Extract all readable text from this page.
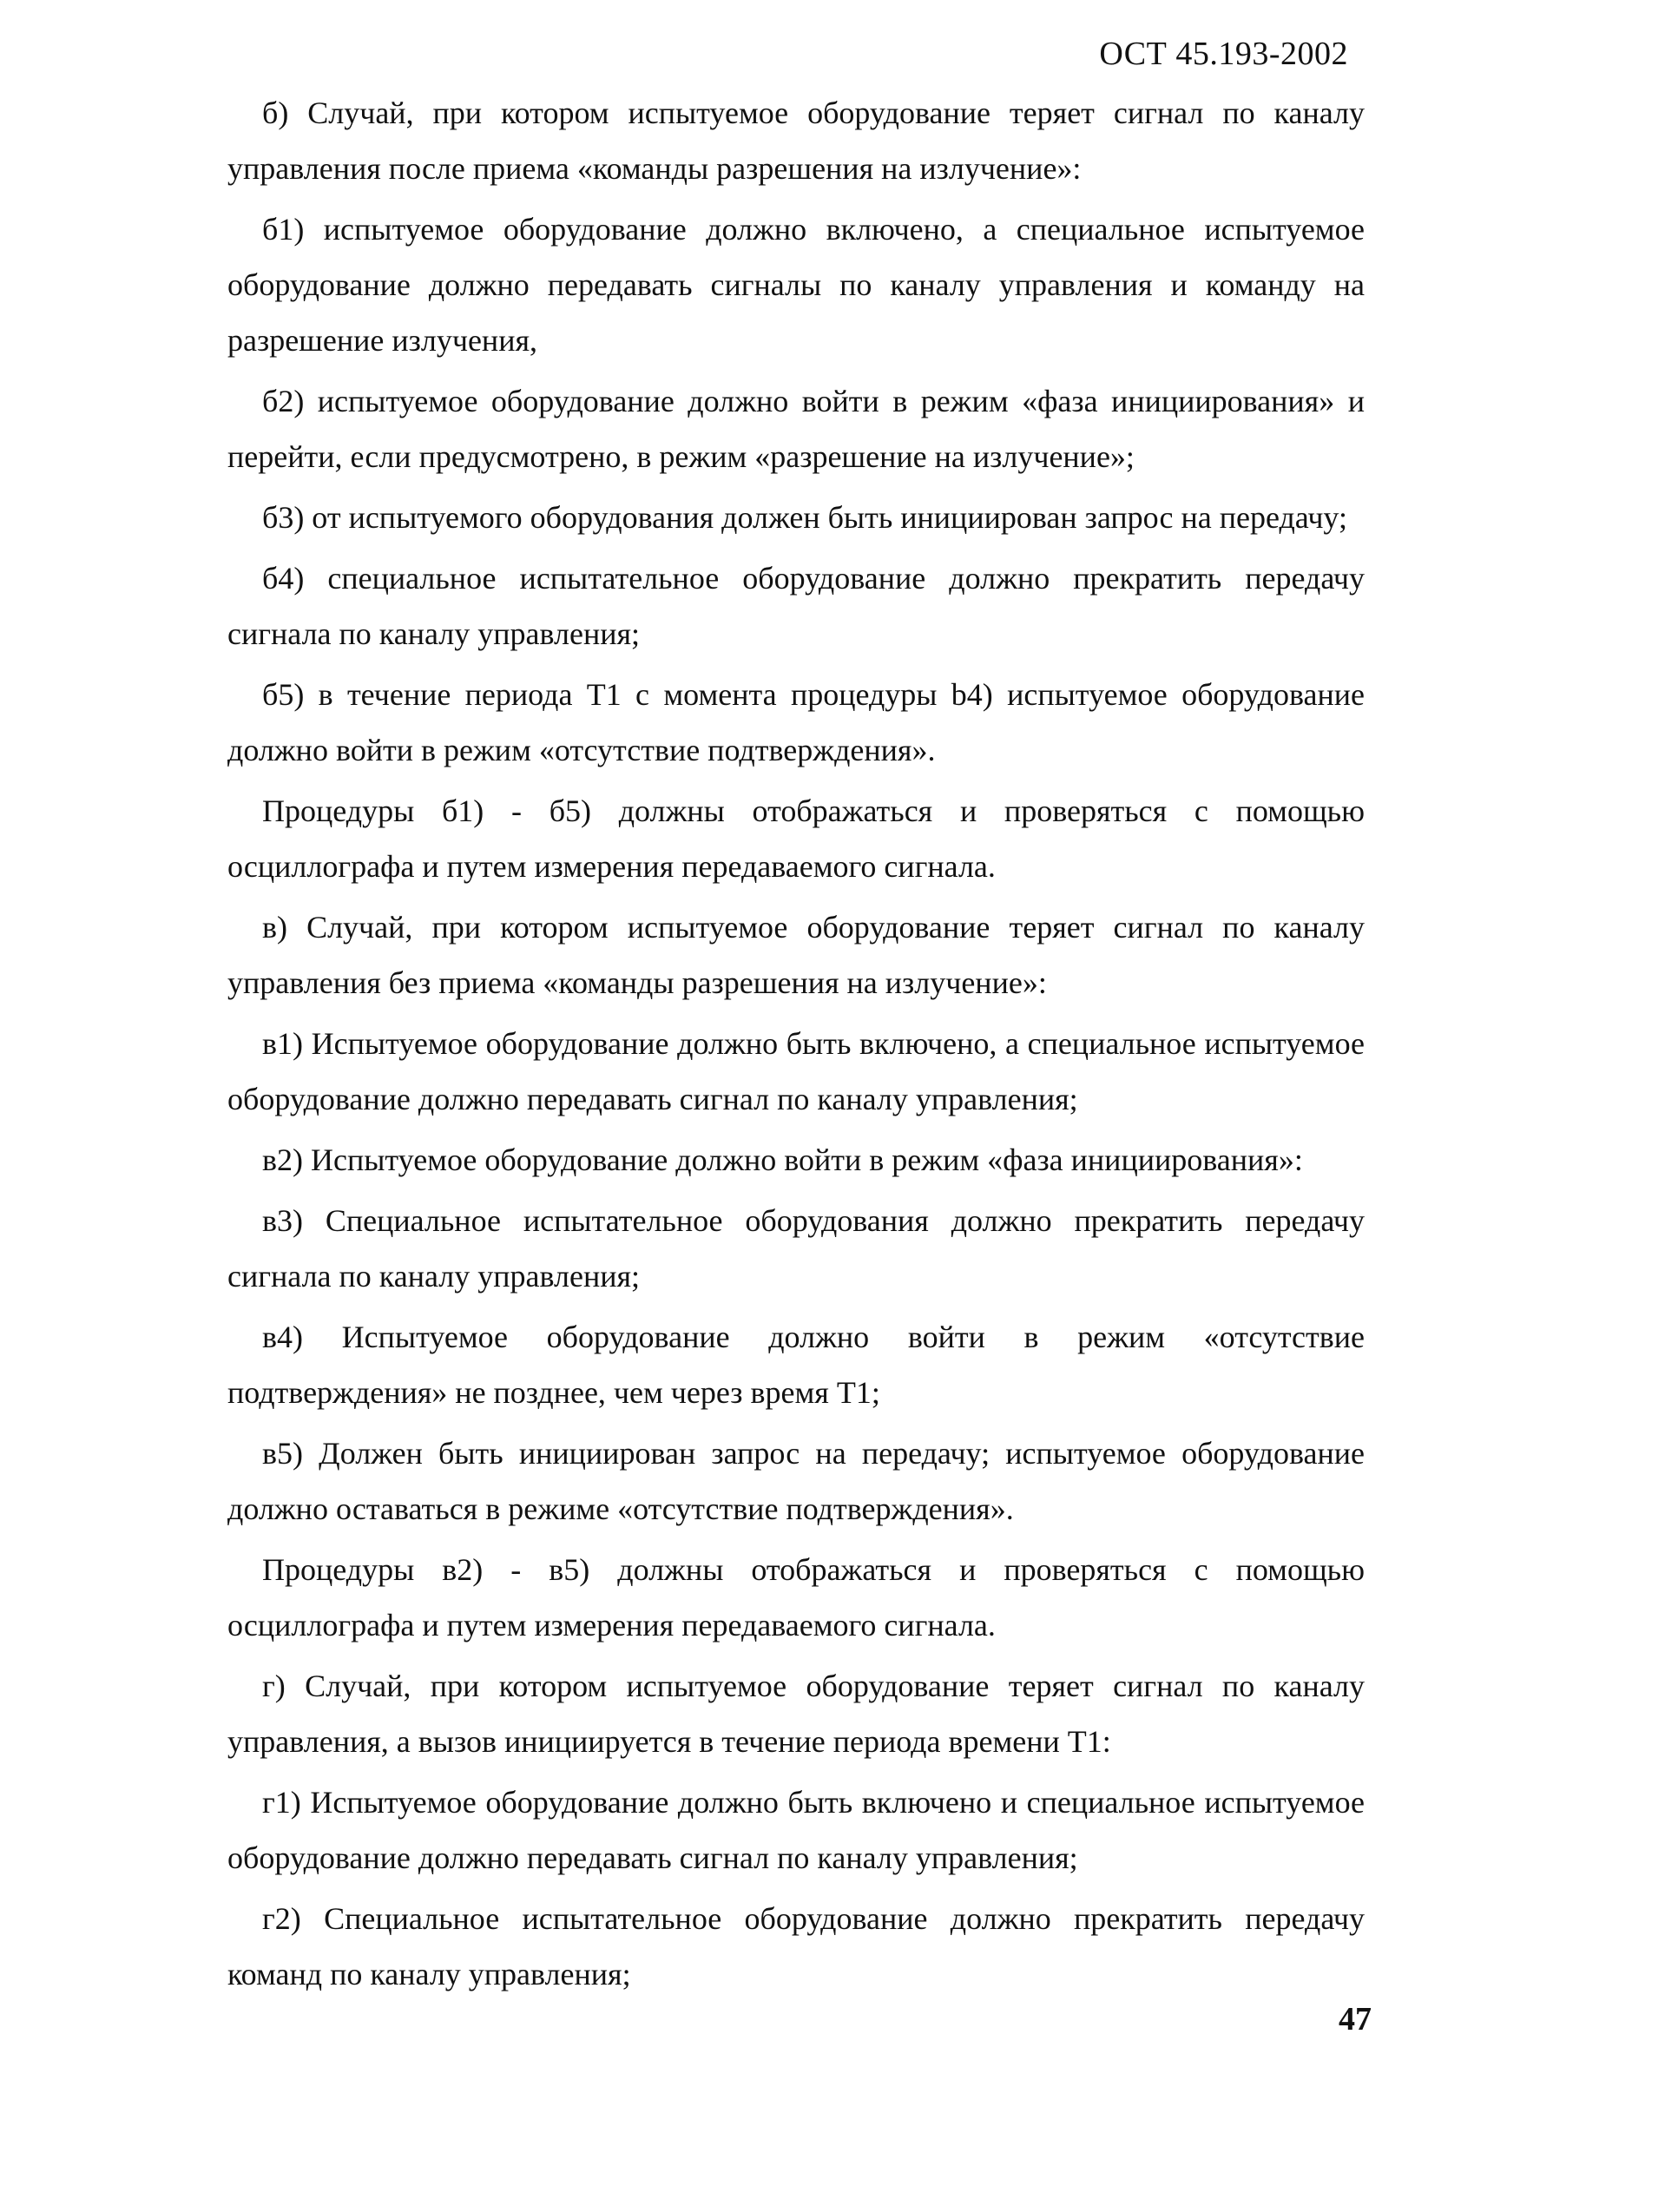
ОСТ 45.193-2002

б) Случай, при котором испытуемое оборудование теряет сигнал по каналу управления после приема «команды разрешения на излучение»:

б1) испытуемое оборудование должно включено, а специальное испытуемое оборудование должно передавать сигналы по каналу управления и команду на разрешение излучения,

б2) испытуемое оборудование должно войти в режим «фаза инициирования» и перейти, если предусмотрено, в режим «разрешение на излучение»;

б3) от испытуемого оборудования должен быть инициирован запрос на передачу;

б4) специальное испытательное оборудование должно прекратить передачу сигнала по каналу управления;

б5) в течение периода T1 с момента процедуры b4) испытуемое оборудование должно войти в режим «отсутствие подтверждения».

Процедуры б1) - б5) должны отображаться и проверяться с помощью осциллографа и путем измерения передаваемого сигнала.

в) Случай, при котором испытуемое оборудование теряет сигнал по каналу управления без приема «команды разрешения на излучение»:

в1) Испытуемое оборудование должно быть включено, а специальное испытуемое оборудование должно передавать сигнал по каналу управления;

в2) Испытуемое оборудование должно войти в режим «фаза инициирования»:

в3) Специальное испытательное оборудования должно прекратить передачу сигнала по каналу управления;

в4) Испытуемое оборудование должно войти в режим «отсутствие подтверждения» не позднее, чем через время T1;

в5) Должен быть инициирован запрос на передачу; испытуемое оборудование должно оставаться в режиме «отсутствие подтверждения».

Процедуры в2) - в5) должны отображаться и проверяться с помощью осциллографа и путем измерения передаваемого сигнала.

г) Случай, при котором испытуемое оборудование теряет сигнал по каналу управления, а вызов инициируется в течение периода времени T1:

г1) Испытуемое оборудование должно быть включено и специальное испытуемое оборудование должно передавать сигнал по каналу управления;

г2) Специальное испытательное оборудование должно прекратить передачу команд по каналу управления;

47
